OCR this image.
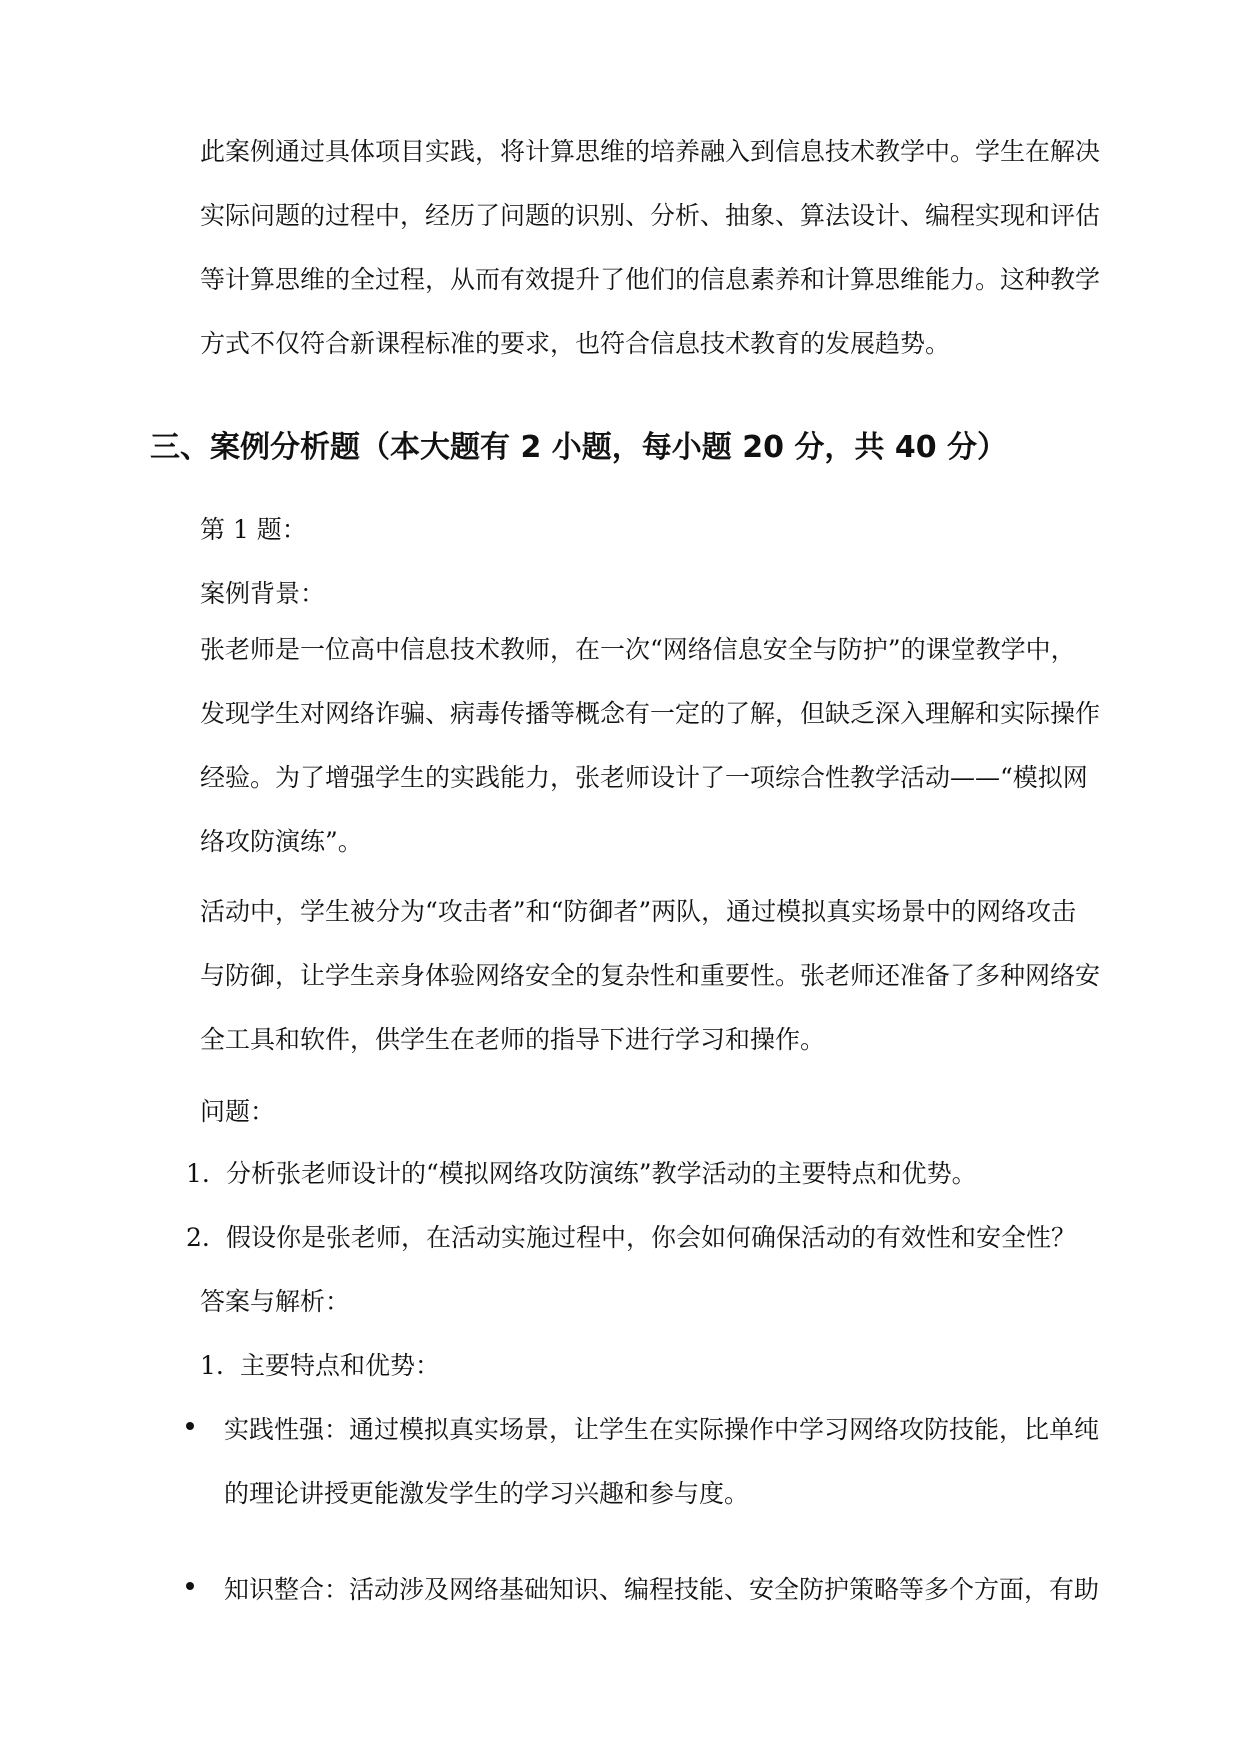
此案例通过具体项目实践，将计算思维的培养融入到信息技术教学中。学生在解决实际问题的过程中，经历了问题的识别、分析、抽象、算法设计、编程实现和评估等计算思维的全过程，从而有效提升了他们的信息素养和计算思维能力。这种教学方式不仅符合新课程标准的要求，也符合信息技术教育的发展趋势。

三、案例分析题（本大题有 2 小题，每小题 20 分，共 40 分）

第 1 题：

案例背景：

张老师是一位高中信息技术教师，在一次“网络信息安全与防护”的课堂教学中，发现学生对网络诈骗、病毒传播等概念有一定的了解，但缺乏深入理解和实际操作经验。为了增强学生的实践能力，张老师设计了一项综合性教学活动——“模拟网络攻防演练”。

活动中，学生被分为“攻击者”和“防御者”两队，通过模拟真实场景中的网络攻击与防御，让学生亲身体验网络安全的复杂性和重要性。张老师还准备了多种网络安全工具和软件，供学生在老师的指导下进行学习和操作。

问题：

1. 分析张老师设计的“模拟网络攻防演练”教学活动的主要特点和优势。

2. 假设你是张老师，在活动实施过程中，你会如何确保活动的有效性和安全性？

答案与解析：

1. 主要特点和优势：

实践性强：通过模拟真实场景，让学生在实际操作中学习网络攻防技能，比单纯的理论讲授更能激发学生的学习兴趣和参与度。
知识整合：活动涉及网络基础知识、编程技能、安全防护策略等多个方面，有助
